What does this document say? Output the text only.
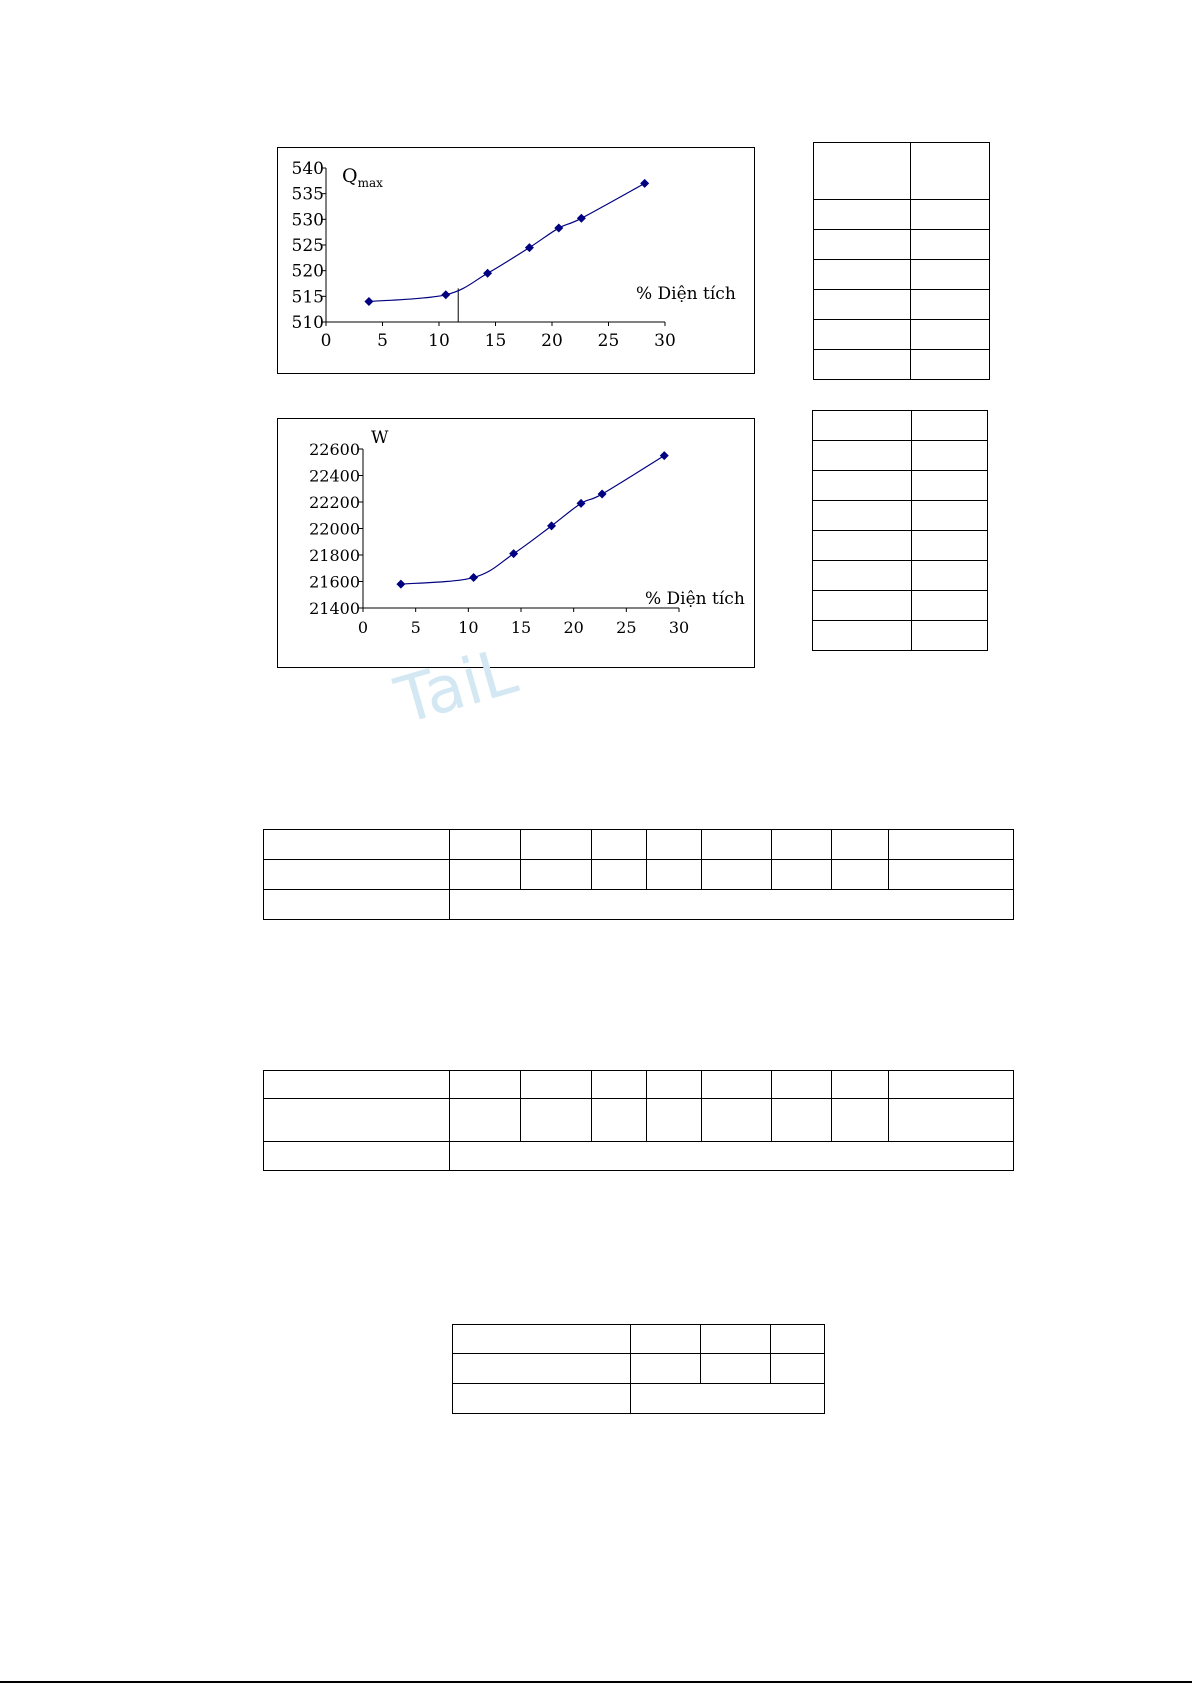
510
515
520
525
530
535
540
0	5 10 15 20 25 30
$Q_{max}$
% Diện tích
21400
21600
21800
22000
22200
22400
22600
0	5 10 15 20 25 30
W
% Diện tích

TaiL
